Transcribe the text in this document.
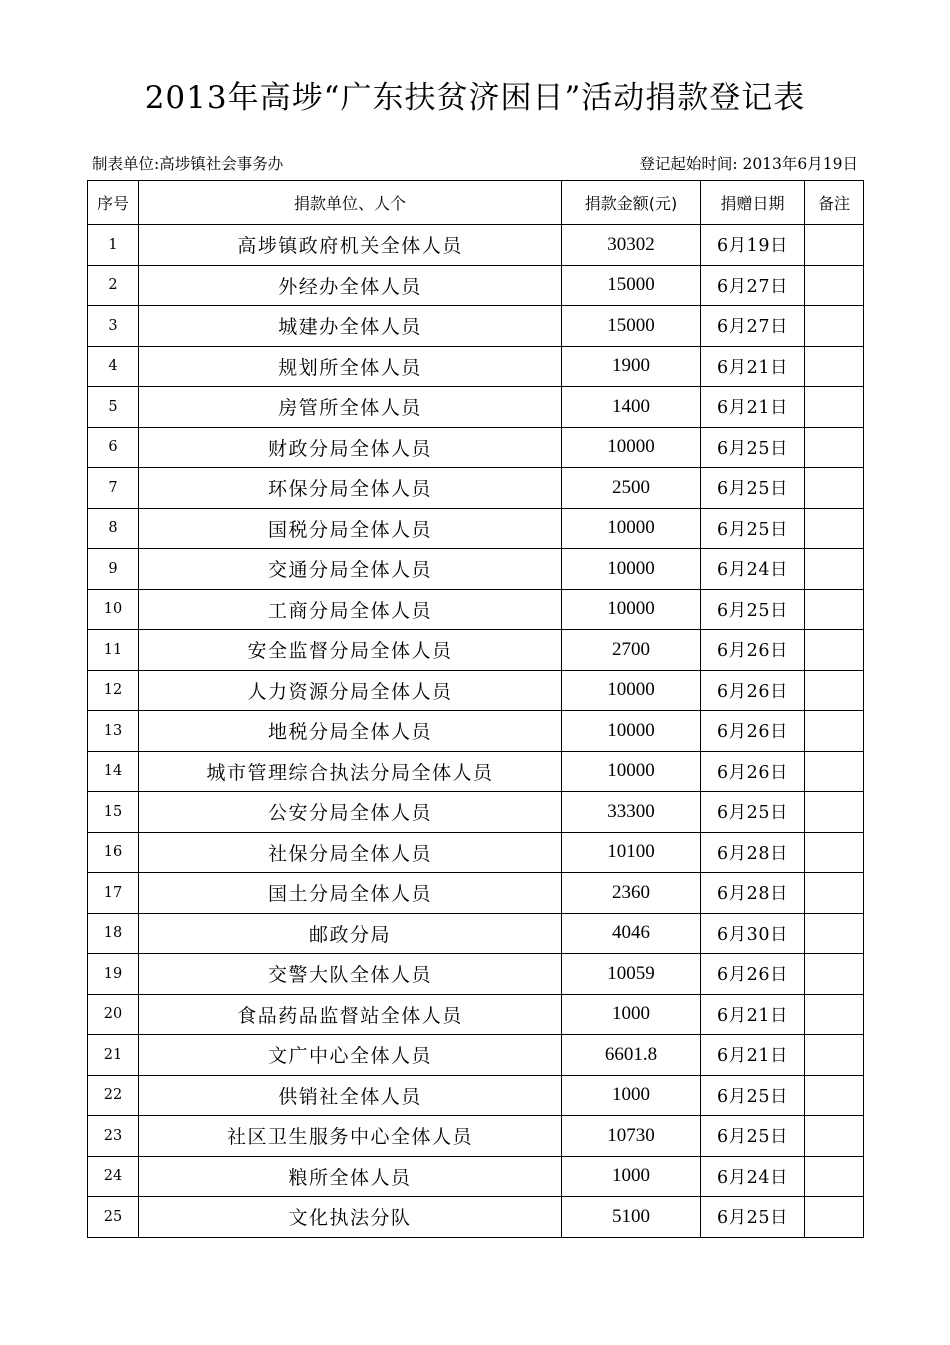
2013年高埗“广东扶贫济困日”活动捐款登记表
制表单位:高埗镇社会事务办	登记起始时间: 2013年6月19日
序号	捐款单位、人个	捐款金额(元)	捐赠日期	备注
1	高埗镇政府机关全体人员	30302	6月19日	
2	外经办全体人员	15000	6月27日	
3	城建办全体人员	15000	6月27日	
4	规划所全体人员	1900	6月21日	
5	房管所全体人员	1400	6月21日	
6	财政分局全体人员	10000	6月25日	
7	环保分局全体人员	2500	6月25日	
8	国税分局全体人员	10000	6月25日	
9	交通分局全体人员	10000	6月24日	
10	工商分局全体人员	10000	6月25日	
11	安全监督分局全体人员	2700	6月26日	
12	人力资源分局全体人员	10000	6月26日	
13	地税分局全体人员	10000	6月26日	
14	城市管理综合执法分局全体人员	10000	6月26日	
15	公安分局全体人员	33300	6月25日	
16	社保分局全体人员	10100	6月28日	
17	国土分局全体人员	2360	6月28日	
18	邮政分局	4046	6月30日	
19	交警大队全体人员	10059	6月26日	
20	食品药品监督站全体人员	1000	6月21日	
21	文广中心全体人员	6601.8	6月21日	
22	供销社全体人员	1000	6月25日	
23	社区卫生服务中心全体人员	10730	6月25日	
24	粮所全体人员	1000	6月24日	
25	文化执法分队	5100	6月25日	
